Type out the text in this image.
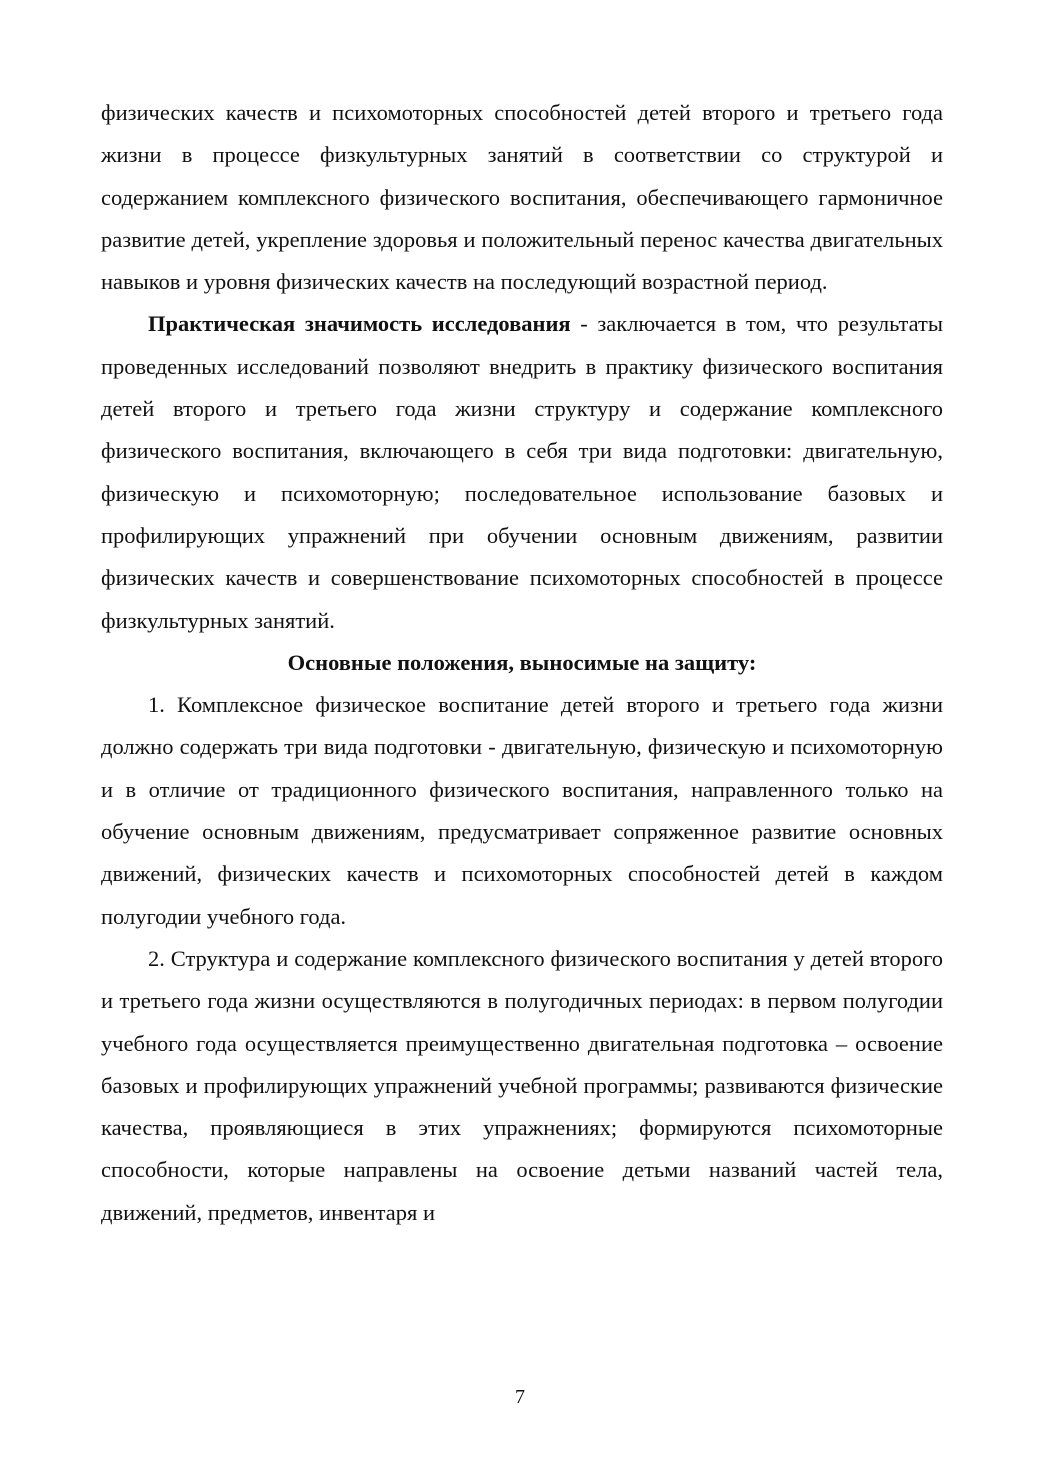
физических качеств и психомоторных способностей детей второго и третьего года жизни в процессе физкультурных занятий в соответствии со структурой и содержанием комплексного физического воспитания, обеспечивающего гармоничное развитие детей, укрепление здоровья и положительный перенос качества двигательных навыков и уровня физических качеств на последующий возрастной период.

Практическая значимость исследования - заключается в том, что результаты проведенных исследований позволяют внедрить в практику физического воспитания детей второго и третьего года жизни структуру и содержание комплексного физического воспитания, включающего в себя три вида подготовки: двигательную, физическую и психомоторную; последовательное использование базовых и профилирующих упражнений при обучении основным движениям, развитии физических качеств и совершенствование психомоторных способностей в процессе физкультурных занятий.

Основные положения, выносимые на защиту:

1. Комплексное физическое воспитание детей второго и третьего года жизни должно содержать три вида подготовки - двигательную, физическую и психомоторную и в отличие от традиционного физического воспитания, направленного только на обучение основным движениям, предусматривает сопряженное развитие основных движений, физических качеств и психомоторных способностей детей в каждом полугодии учебного года.

2. Структура и содержание комплексного физического воспитания у детей второго и третьего года жизни осуществляются в полугодичных периодах: в первом полугодии учебного года осуществляется преимущественно двигательная подготовка – освоение базовых и профилирующих упражнений учебной программы; развиваются физические качества, проявляющиеся в этих упражнениях; формируются психомоторные способности, которые направлены на освоение детьми названий частей тела, движений, предметов, инвентаря и

7
